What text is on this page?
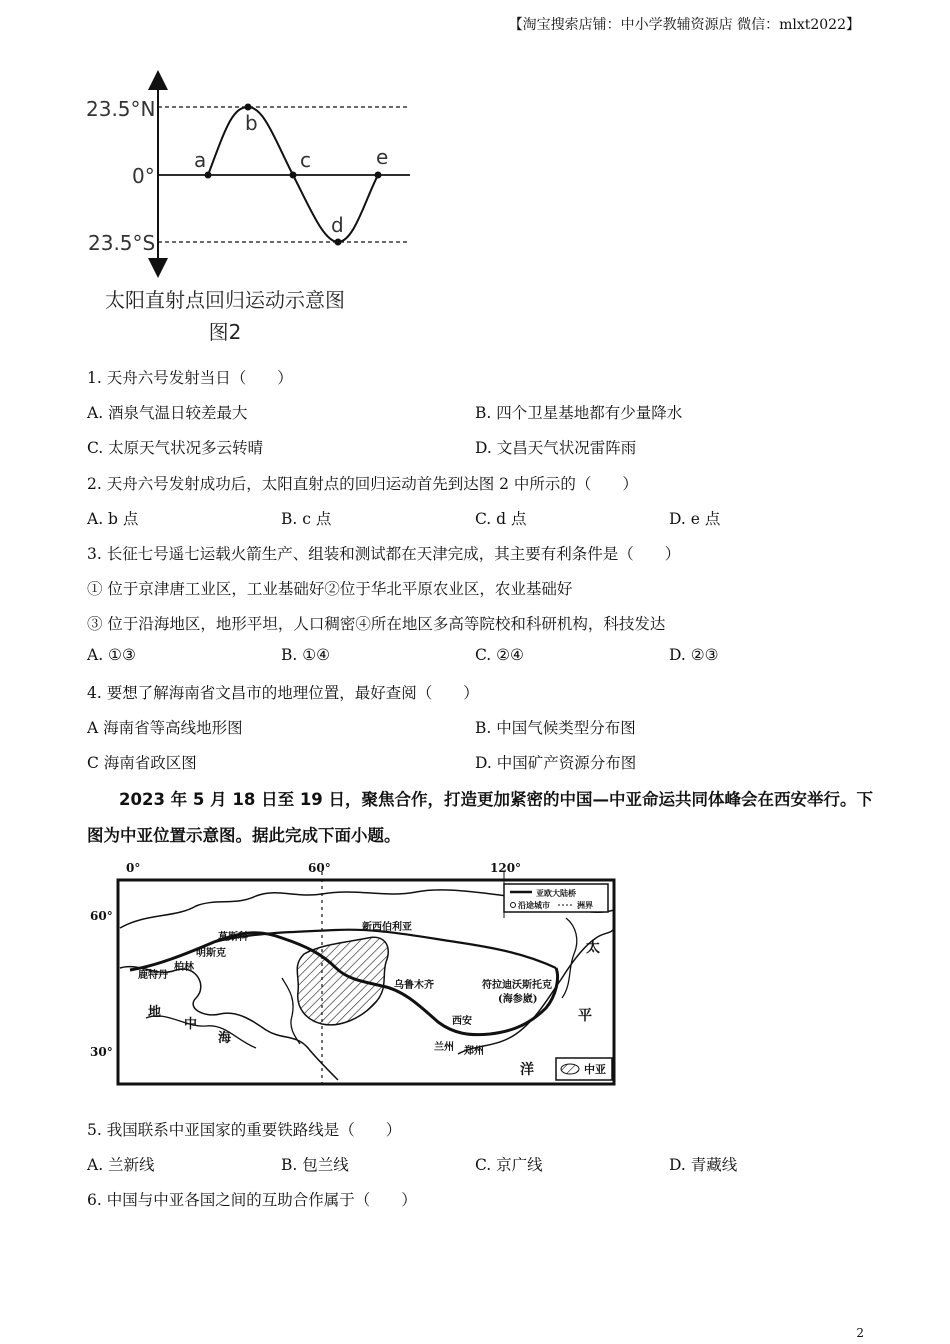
【淘宝搜索店铺：中小学教辅资源店 微信：mlxt2022】
23.5°N
0°
23.5°S
a
b
c
d
e
太阳直射点回归运动示意图
图2
1. 天舟六号发射当日（　　）
A. 酒泉气温日较差最大	B. 四个卫星基地都有少量降水
C. 太原天气状况多云转晴	D. 文昌天气状况雷阵雨
2. 天舟六号发射成功后，太阳直射点的回归运动首先到达图 2 中所示的（　　）
A. b 点	B. c 点	C. d 点	D. e 点
3. 长征七号遥七运载火箭生产、组装和测试都在天津完成，其主要有利条件是（　　）
① 位于京津唐工业区，工业基础好②位于华北平原农业区，农业基础好
③ 位于沿海地区，地形平坦，人口稠密④所在地区多高等院校和科研机构，科技发达
A. ①③	B. ①④	C. ②④	D. ②③
4. 要想了解海南省文昌市的地理位置，最好查阅（　　）
A 海南省等高线地形图	B. 中国气候类型分布图
C 海南省政区图	D. 中国矿产资源分布图
2023 年 5 月 18 日至 19 日，聚焦合作，打造更加紧密的中国—中亚命运共同体峰会在西安举行。下
图为中亚位置示意图。据此完成下面小题。
0°	60°	120°
60°
30°
亚欧大陆桥
沿途城市	洲界
中亚
新西伯利亚
莫斯科
明斯克
柏林
鹿特丹
乌鲁木齐	符拉迪沃斯托克
(海参崴)
西安
兰州 郑州
地
中
海
太
平
洋
5. 我国联系中亚国家的重要铁路线是（　　）
A. 兰新线	B. 包兰线	C. 京广线	D. 青藏线
6. 中国与中亚各国之间的互助合作属于（　　）
2
